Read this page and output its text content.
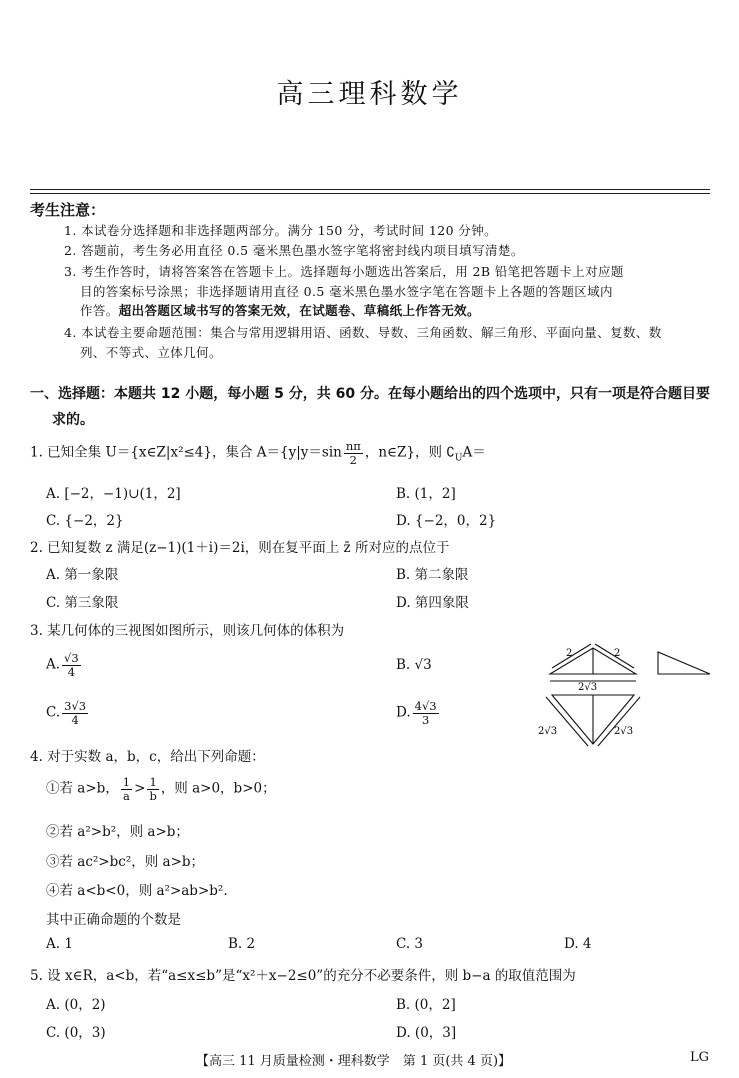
高三理科数学
考生注意：
1. 本试卷分选择题和非选择题两部分。满分 150 分，考试时间 120 分钟。
2. 答题前，考生务必用直径 0.5 毫米黑色墨水签字笔将密封线内项目填写清楚。
3. 考生作答时，请将答案答在答题卡上。选择题每小题选出答案后，用 2B 铅笔把答题卡上对应题
目的答案标号涂黑；非选择题请用直径 0.5 毫米黑色墨水签字笔在答题卡上各题的答题区域内
作答。超出答题区域书写的答案无效，在试题卷、草稿纸上作答无效。
4. 本试卷主要命题范围：集合与常用逻辑用语、函数、导数、三角函数、解三角形、平面向量、复数、数
列、不等式、立体几何。
一、选择题：本题共 12 小题，每小题 5 分，共 60 分。在每小题给出的四个选项中，只有一项是符合题目要
求的。
1. 已知全集 U＝{x∈Z|x²≤4}，集合 $A=\{y|y=\sin \frac{n\pi}{2}$ ，n∈Z}，则 $∁_UA=$
A. [−2，−1)∪(1，2]	B. (1，2]
C. {−2，2}	D. {−2，0，2}
2. 已知复数 z 满足(z−1)(1＋i)＝2i，则在复平面上 z̄ 所对应的点位于
A. 第一象限	B. 第二象限
C. 第三象限	D. 第四象限
3. 某几何体的三视图如图所示，则该几何体的体积为
A. $\frac{√3}{4}$	B. √3
C. $\frac{3√3}{4}$	D. $\frac{4√3}{3}$
2	2
2√3
2√3	2√3
4. 对于实数 a，b，c，给出下列命题：
①若 a>b， $\frac{1}{a} > \frac{1}{b}$ ，则 a>0，b>0；
②若 a²>b²，则 a>b；
③若 ac²>bc²，则 a>b；
④若 a<b<0，则 a²>ab>b².
其中正确命题的个数是
A. 1	B. 2	C. 3	D. 4
5. 设 x∈R，a<b，若“a≤x≤b”是“x²＋x−2≤0”的充分不必要条件，则 b−a 的取值范围为
A. (0，2)	B. (0，2]
C. (0，3)	D. (0，3]
【高三 11 月质量检测・理科数学　第 1 页(共 4 页)】	LG
